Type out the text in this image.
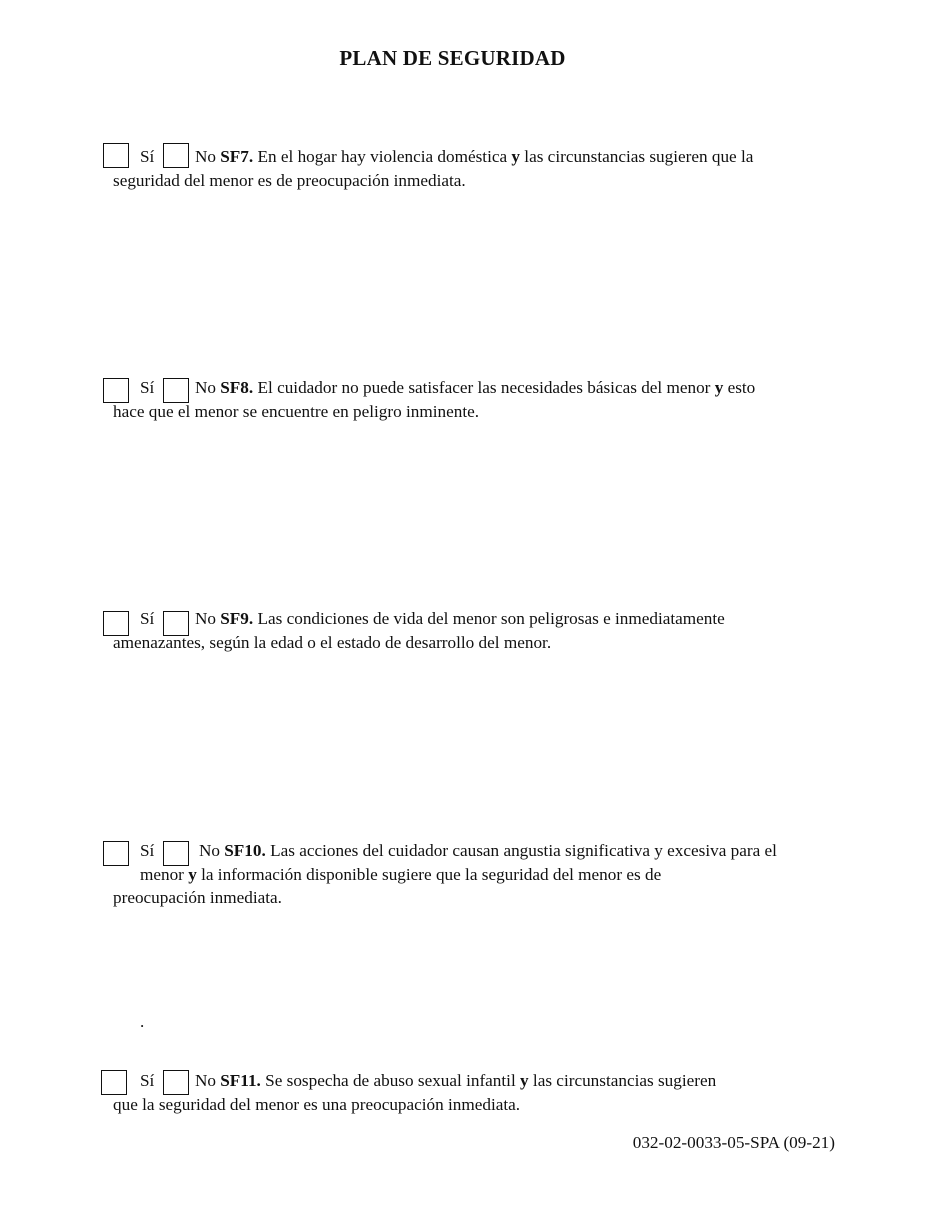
PLAN DE SEGURIDAD
Sí No SF7. En el hogar hay violencia doméstica y las circunstancias sugieren que la
seguridad del menor es de preocupación inmediata.
Sí No SF8. El cuidador no puede satisfacer las necesidades básicas del menor y esto
hace que el menor se encuentre en peligro inminente.
Sí No SF9. Las condiciones de vida del menor son peligrosas e inmediatamente
amenazantes, según la edad o el estado de desarrollo del menor.
Sí	No SF10. Las acciones del cuidador causan angustia significativa y excesiva para el
menor y la información disponible sugiere que la seguridad del menor es de
preocupación inmediata.
.
Sí No SF11. Se sospecha de abuso sexual infantil y las circunstancias sugieren
que la seguridad del menor es una preocupación inmediata.
032-02-0033-05-SPA (09-21)
